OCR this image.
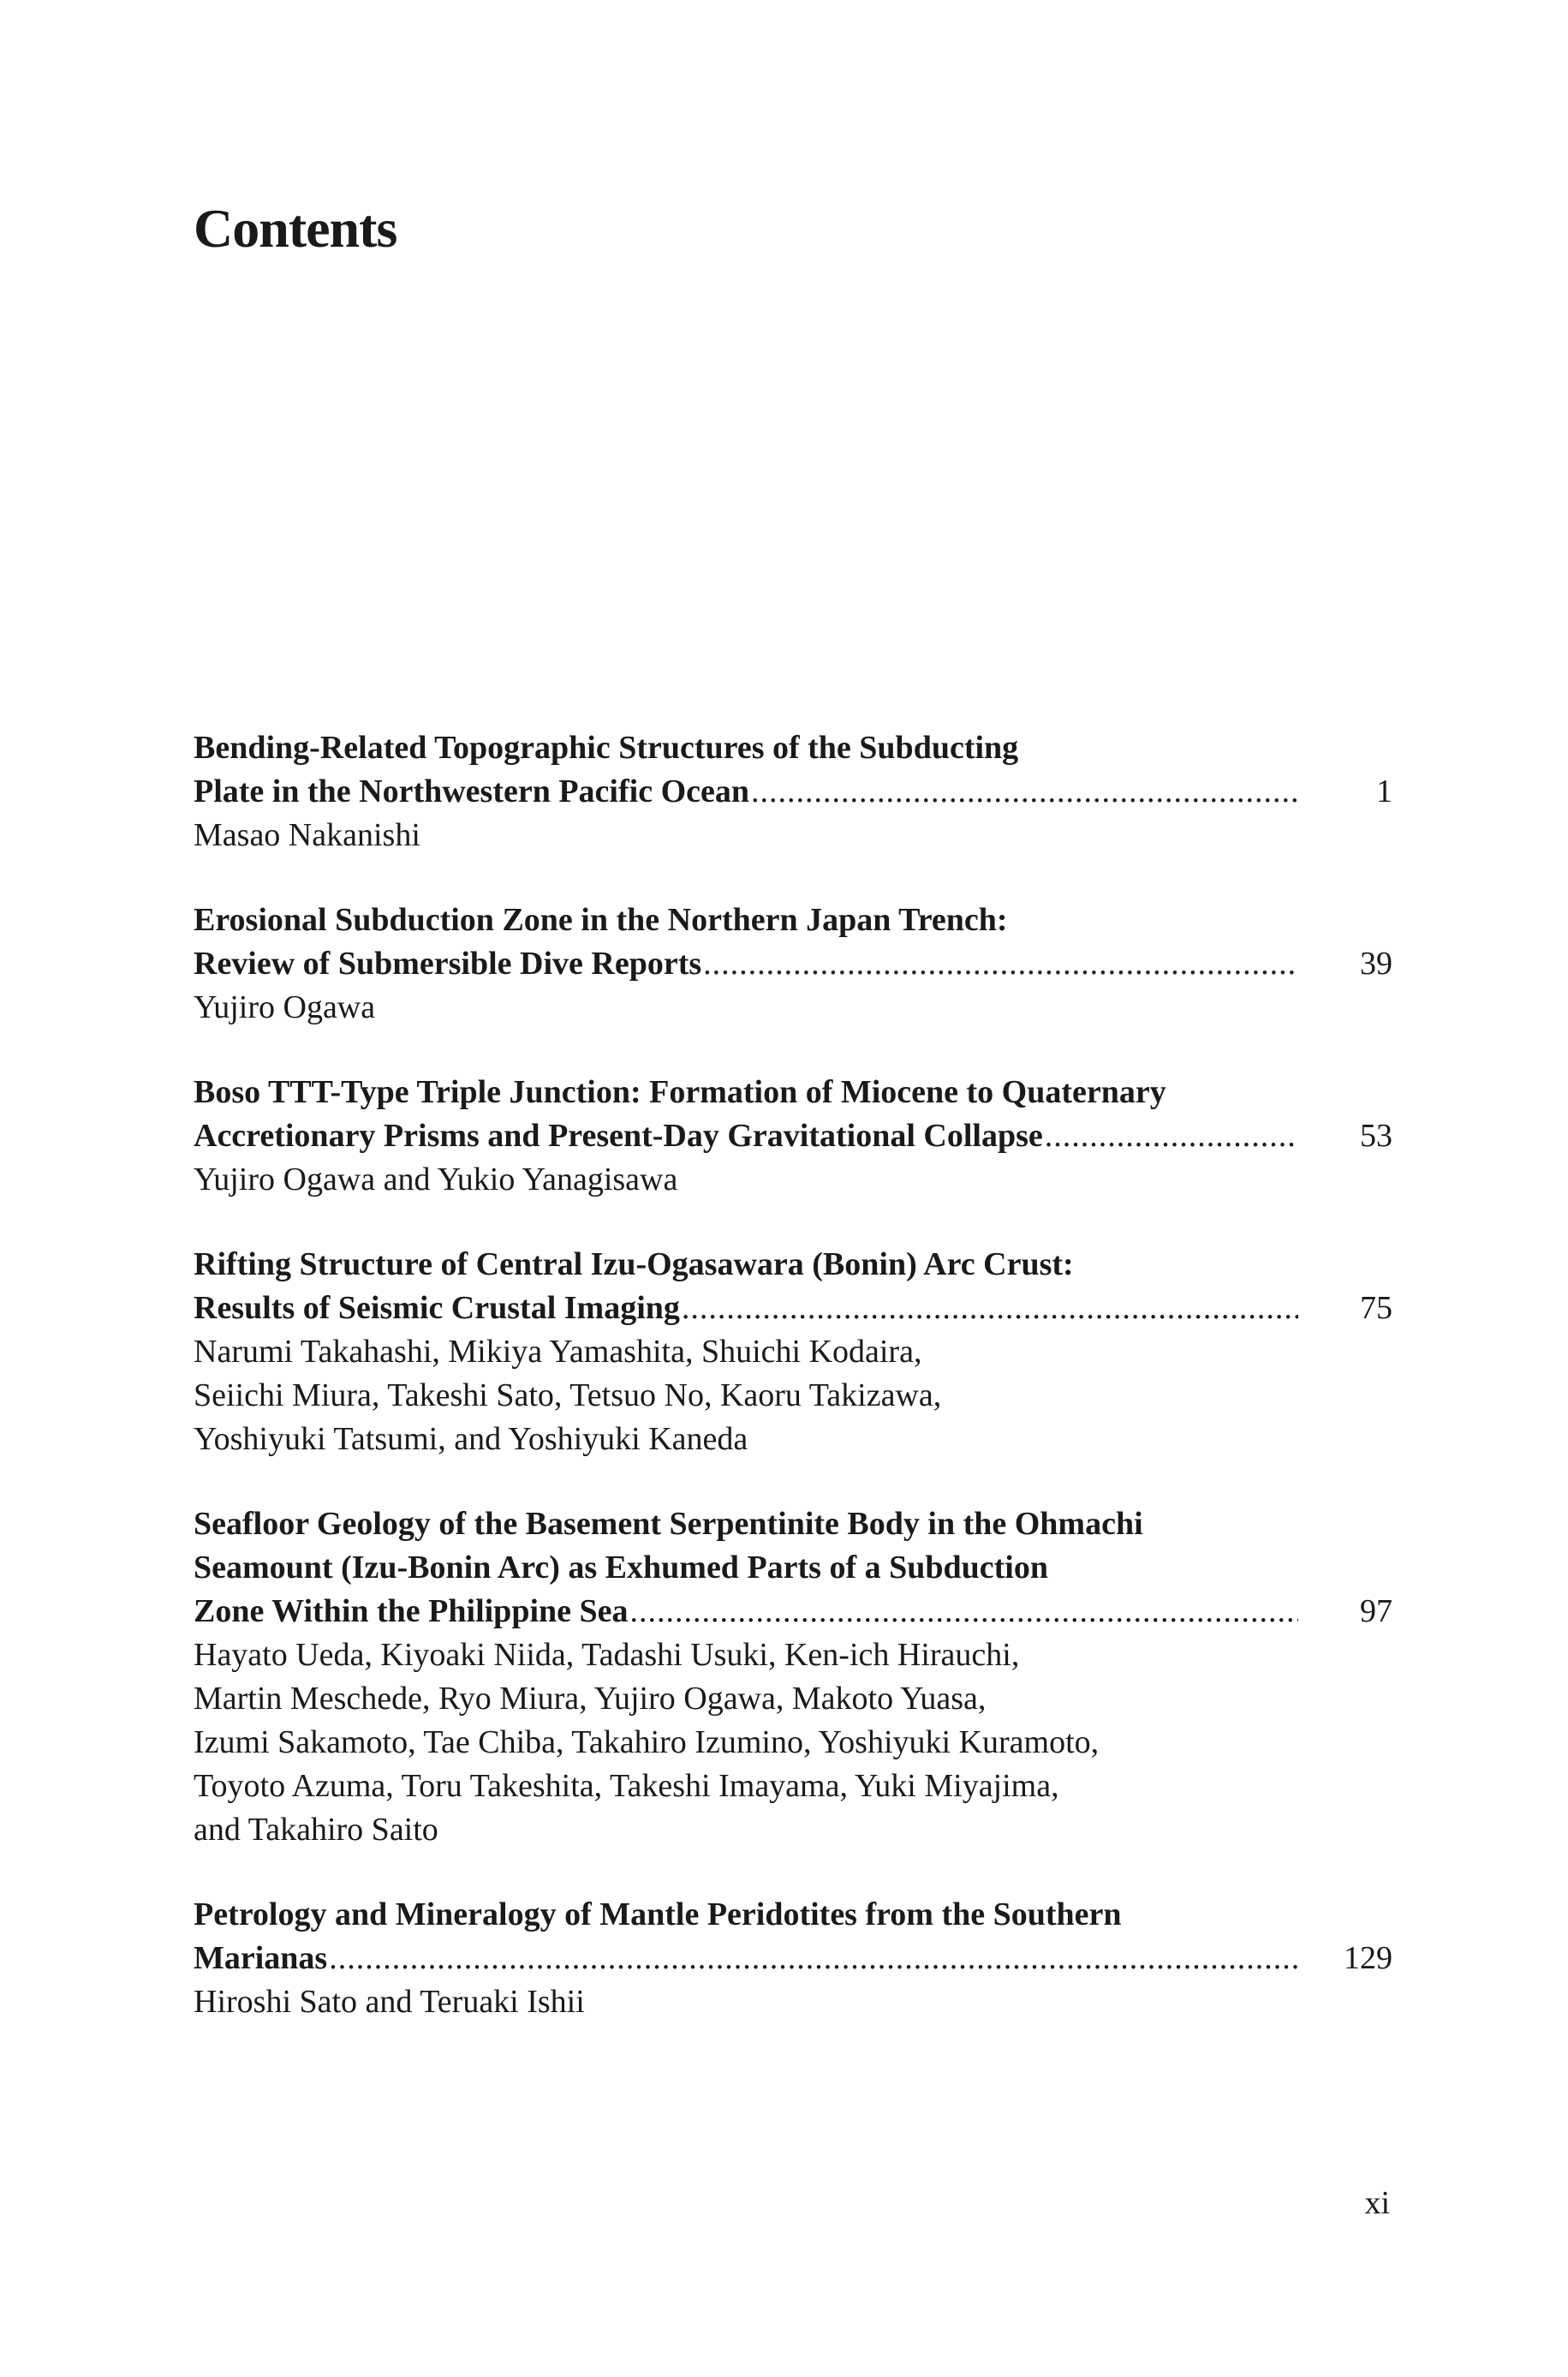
Contents
Bending-Related Topographic Structures of the Subducting
Plate in the Northwestern Pacific Ocean .....	1
Masao Nakanishi
Erosional Subduction Zone in the Northern Japan Trench:
Review of Submersible Dive Reports .....	39
Yujiro Ogawa
Boso TTT-Type Triple Junction: Formation of Miocene to Quaternary
Accretionary Prisms and Present-Day Gravitational Collapse .....	53
Yujiro Ogawa and Yukio Yanagisawa
Rifting Structure of Central Izu-Ogasawara (Bonin) Arc Crust:
Results of Seismic Crustal Imaging .....	75
Narumi Takahashi, Mikiya Yamashita, Shuichi Kodaira,
Seiichi Miura, Takeshi Sato, Tetsuo No, Kaoru Takizawa,
Yoshiyuki Tatsumi, and Yoshiyuki Kaneda
Seafloor Geology of the Basement Serpentinite Body in the Ohmachi
Seamount (Izu-Bonin Arc) as Exhumed Parts of a Subduction
Zone Within the Philippine Sea .....	97
Hayato Ueda, Kiyoaki Niida, Tadashi Usuki, Ken-ich Hirauchi,
Martin Meschede, Ryo Miura, Yujiro Ogawa, Makoto Yuasa,
Izumi Sakamoto, Tae Chiba, Takahiro Izumino, Yoshiyuki Kuramoto,
Toyoto Azuma, Toru Takeshita, Takeshi Imayama, Yuki Miyajima,
and Takahiro Saito
Petrology and Mineralogy of Mantle Peridotites from the Southern
Marianas .....	129
Hiroshi Sato and Teruaki Ishii
xi
